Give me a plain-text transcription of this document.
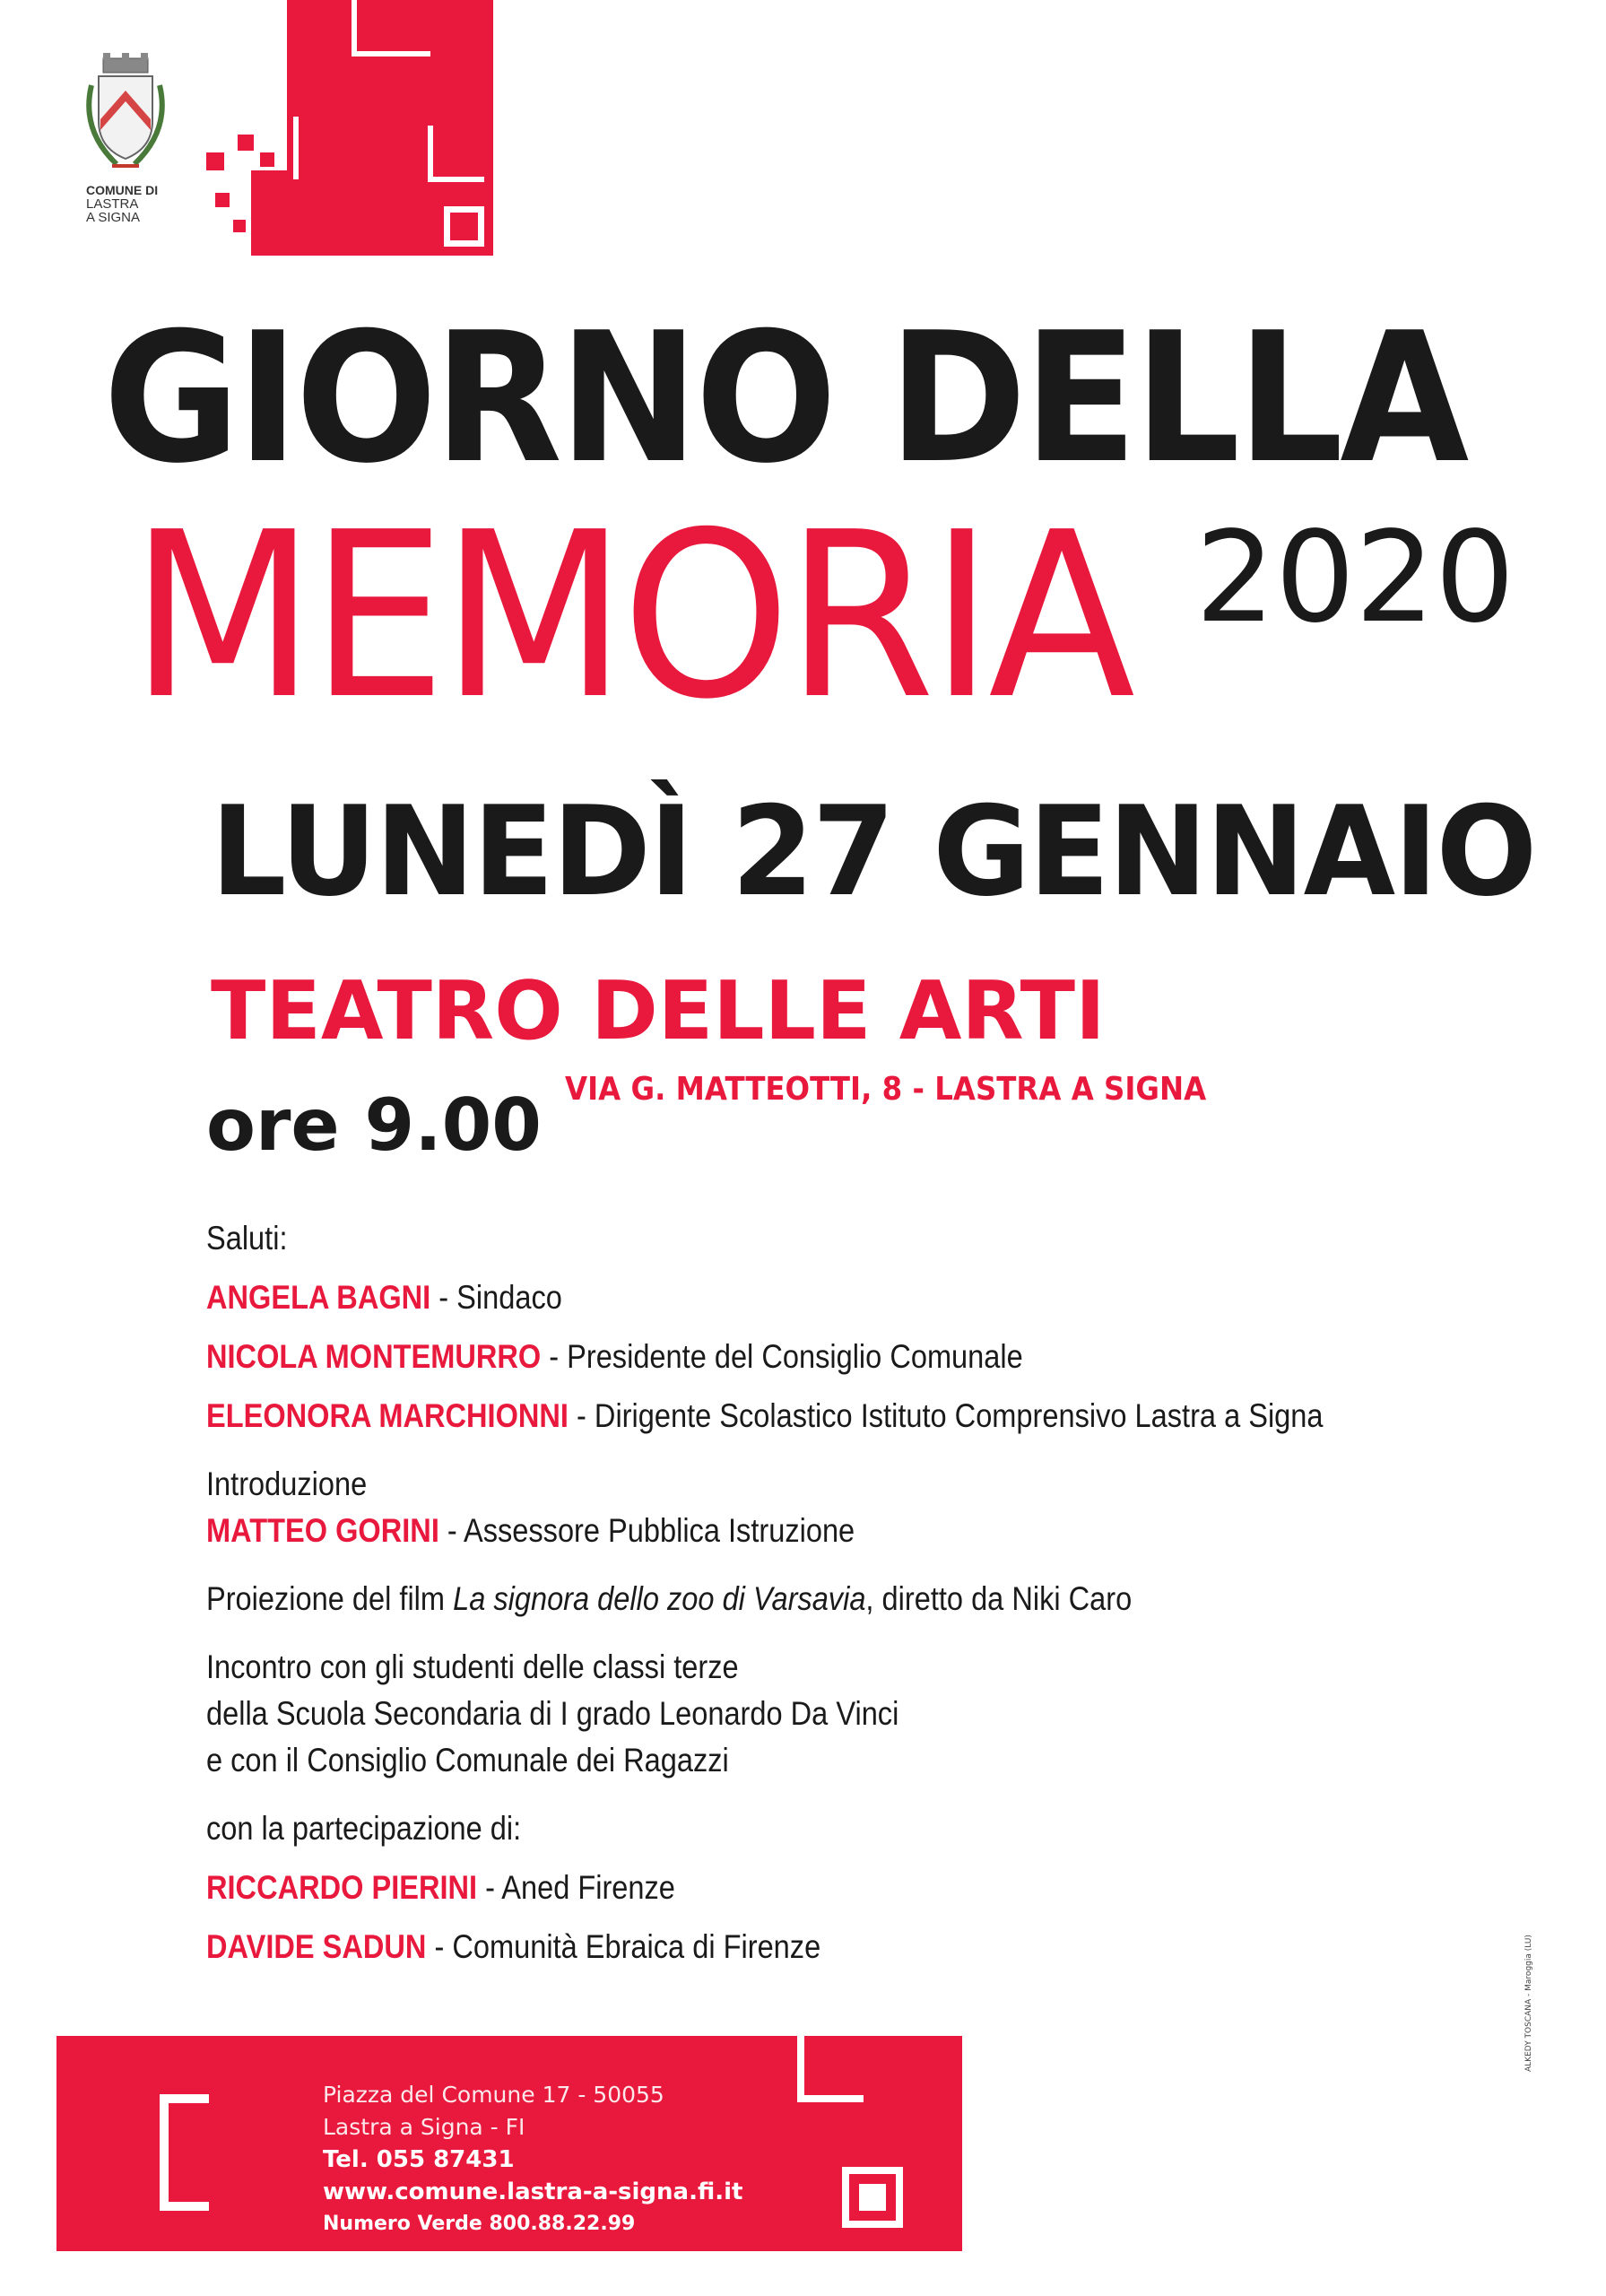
COMUNE DI
LASTRA
A SIGNA
GIORNO DELLA
MEMORIA 2020
LUNEDÌ 27 GENNAIO
TEATRO DELLE ARTI
VIA G. MATTEOTTI, 8 - LASTRA A SIGNA
ore 9.00
Saluti:
ANGELA BAGNI - Sindaco
NICOLA MONTEMURRO - Presidente del Consiglio Comunale
ELEONORA MARCHIONNI - Dirigente Scolastico Istituto Comprensivo Lastra a Signa
Introduzione
MATTEO GORINI - Assessore Pubblica Istruzione
Proiezione del film La signora dello zoo di Varsavia, diretto da Niki Caro
Incontro con gli studenti delle classi terze
della Scuola Secondaria di I grado Leonardo Da Vinci
e con il Consiglio Comunale dei Ragazzi
con la partecipazione di:
RICCARDO PIERINI - Aned Firenze
DAVIDE SADUN - Comunità Ebraica di Firenze
Piazza del Comune 17 - 50055
Lastra a Signa - FI
Tel. 055 87431
www.comune.lastra-a-signa.fi.it
Numero Verde 800.88.22.99
ALKEDY TOSCANA - Maroggia (LU)
